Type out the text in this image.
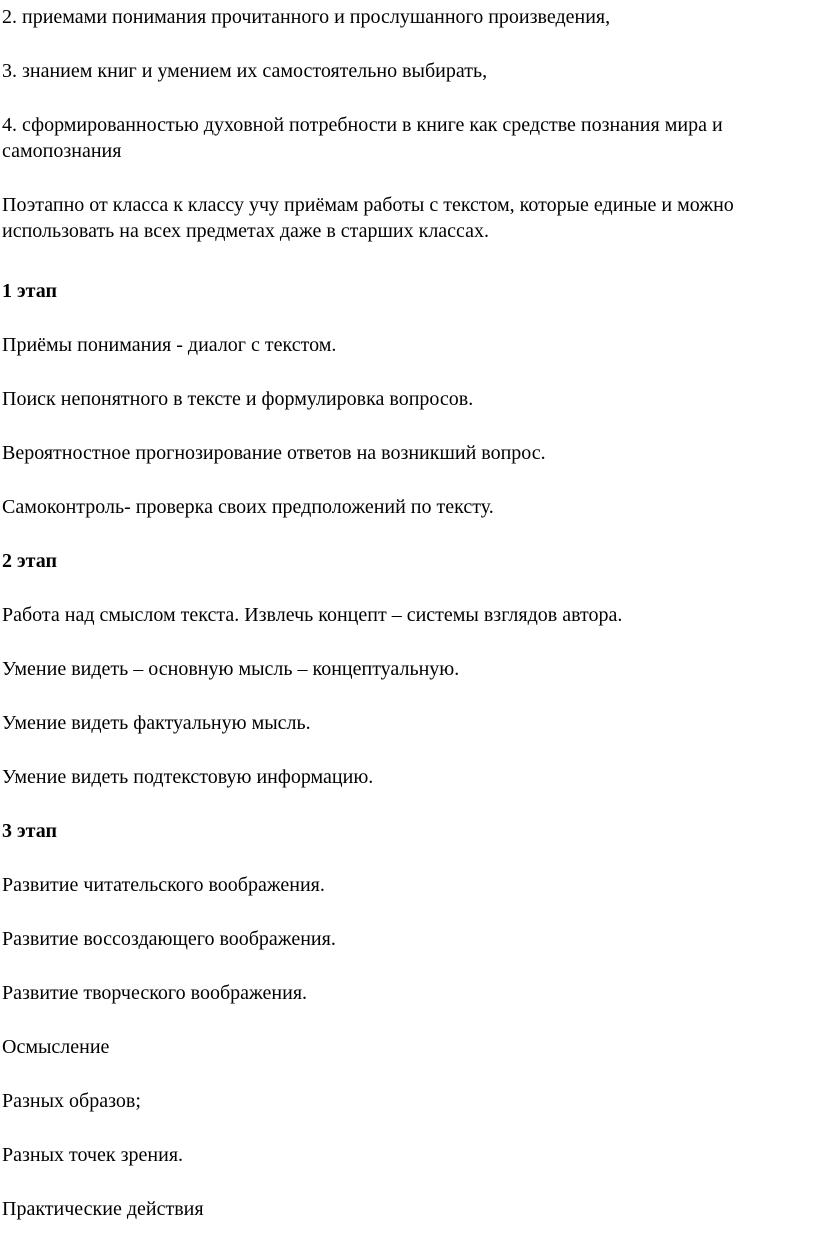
2. приемами понимания прочитанного и прослушанного произведения,

3. знанием книг и умением их самостоятельно выбирать,

4. сформированностью духовной потребности в книге как средстве познания мира и самопознания

Поэтапно от класса к классу учу приёмам работы с текстом, которые единые и можно использовать на всех предметах даже в старших классах.

1 этап

Приёмы понимания - диалог с текстом.

Поиск непонятного в тексте и формулировка вопросов.

Вероятностное прогнозирование ответов на возникший вопрос.

Самоконтроль- проверка своих предположений по тексту.

2 этап

Работа над смыслом текста. Извлечь концепт – системы взглядов автора.

Умение видеть – основную мысль – концептуальную.

Умение видеть фактуальную мысль.

Умение видеть подтекстовую информацию.

3 этап

Развитие читательского воображения.

Развитие воссоздающего воображения.

Развитие творческого воображения.

Осмысление

Разных образов;

Разных точек зрения.

Практические действия
